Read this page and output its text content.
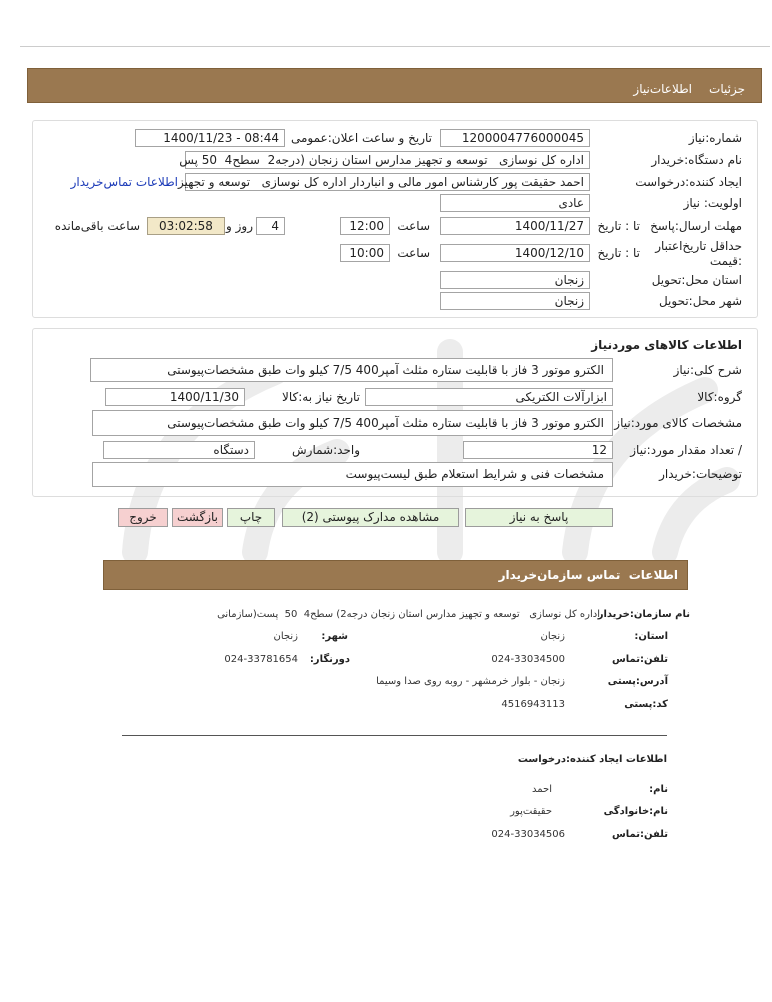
جزئیات
اطلاعات‌نیاز
شماره:نیاز
1200004776000045
تاریخ و ساعت اعلان:عمومی
1400/11/23 - 08:44
نام دستگاه:خریدار
اداره کل نوسازی   توسعه و تجهیز مدارس استان زنجان (درجه2  سطح4  50 پس
ایجاد کننده:درخواست
احمد حقیقت پور کارشناس امور مالی و انباردار اداره کل نوسازی   توسعه و تجهیز
اطلاعات تماس‌خریدار
اولویت: نیاز
عادی
مهلت ارسال:پاسخ
تا : تاریخ
1400/11/27
ساعت
12:00
4
روز و
03:02:58
ساعت باقی‌مانده
حداقل تاریخ‌اعتبار
:قیمت
تا : تاریخ
1400/12/10
ساعت
10:00
استان محل:تحویل
زنجان
شهر محل:تحویل
زنجان
اطلاعات کالاهای موردنیاز
شرح کلی:نیاز
الکترو موتور 3 فاز با قابلیت ستاره مثلث آمپر400 7/5 کیلو وات طبق مشخصات‌پیوستی
گروه:کالا
ابزارآلات الکتریکی
تاریخ نیاز به:کالا
1400/11/30
مشخصات کالای مورد:نیاز
الکترو موتور 3 فاز با قابلیت ستاره مثلث آمپر400 7/5 کیلو وات طبق مشخصات‌پیوستی
/ تعداد مقدار مورد:نیاز
12
واحد:شمارش
دستگاه
توضیحات:خریدار
مشخصات فنی و شرایط استعلام طبق لیست‌پیوست
پاسخ به نیاز
مشاهده مدارک پیوستی (2)
چاپ
بازگشت
خروج
اطلاعات  تماس سازمان‌خریدار
نام سازمان:خریدار
اداره کل نوسازی   توسعه و تجهیز مدارس استان زنجان درجه2) سطح4  50  پست(سازمانی
استان:
زنجان
شهر:
زنجان
تلفن:تماس
024-33034500
دورنگار:
024-33781654
آدرس:پستی
زنجان - بلوار خرمشهر - روبه روی صدا وسیما
کد:پستی
4516943113
اطلاعات ایجاد کننده:درخواست
نام:
احمد
نام:خانوادگی
حقیقت‌پور
تلفن:تماس
024-33034506
